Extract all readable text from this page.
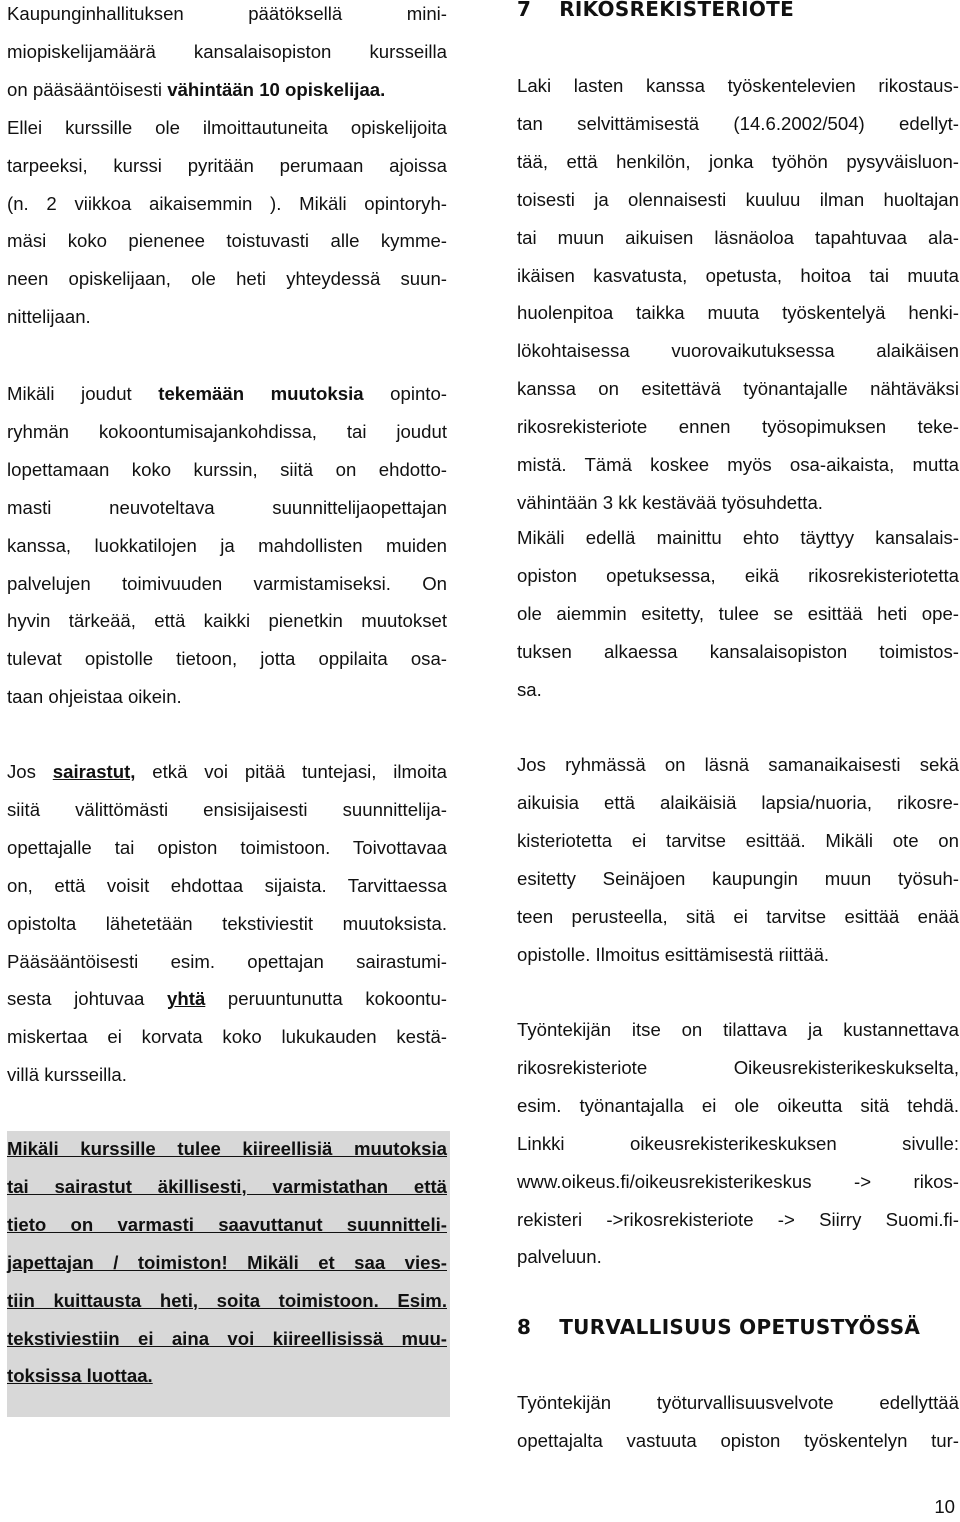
Kaupunginhallituksen päätöksellä mini-
miopiskelijamäärä kansalaisopiston kursseilla
on pääsääntöisesti vähintään 10 opiskelijaa.
Ellei kurssille ole ilmoittautuneita opiskelijoita
tarpeeksi, kurssi pyritään perumaan ajoissa
(n. 2 viikkoa aikaisemmin ). Mikäli opintoryh-
mäsi koko pienenee toistuvasti alle kymme-
neen opiskelijaan, ole heti yhteydessä suun-
nittelijaan.

Mikäli joudut tekemään muutoksia opinto-
ryhmän kokoontumisajankohdissa, tai joudut
lopettamaan koko kurssin, siitä on ehdotto-
masti neuvoteltava suunnittelijaopettajan
kanssa, luokkatilojen ja mahdollisten muiden
palvelujen toimivuuden varmistamiseksi. On
hyvin tärkeää, että kaikki pienetkin muutokset
tulevat opistolle tietoon, jotta oppilaita osa-
taan ohjeistaa oikein.

Jos sairastut, etkä voi pitää tuntejasi, ilmoita
siitä välittömästi ensisijaisesti suunnittelija-
opettajalle tai opiston toimistoon. Toivottavaa
on, että voisit ehdottaa sijaista. Tarvittaessa
opistolta lähetetään tekstiviestit muutoksista.
Pääsääntöisesti esim. opettajan sairastumi-
sesta johtuvaa yhtä peruuntunutta kokoontu-
miskertaa ei korvata koko lukukauden kestä-
villä kursseilla.

Mikäli kurssille tulee kiireellisiä muutoksia
tai sairastut äkillisesti, varmistathan että
tieto on varmasti saavuttanut suunnitteli-
japettajan / toimiston! Mikäli et saa vies-
tiin kuittausta heti, soita toimistoon. Esim.
tekstiviestiin ei aina voi kiireellisissä muu-
toksissa luottaa.

7 RIKOSREKISTERIOTE

Laki lasten kanssa työskentelevien rikostaus-
tan selvittämisestä (14.6.2002/504) edellyt-
tää, että henkilön, jonka työhön pysyväisluon-
toisesti ja olennaisesti kuuluu ilman huoltajan
tai muun aikuisen läsnäoloa tapahtuvaa ala-
ikäisen kasvatusta, opetusta, hoitoa tai muuta
huolenpitoa taikka muuta työskentelyä henki-
lökohtaisessa vuorovaikutuksessa alaikäisen
kanssa on esitettävä työnantajalle nähtäväksi
rikosrekisteriote ennen työsopimuksen teke-
mistä. Tämä koskee myös osa-aikaista, mutta
vähintään 3 kk kestävää työsuhdetta.

Mikäli edellä mainittu ehto täyttyy kansalais-
opiston opetuksessa, eikä rikosrekisteriotetta
ole aiemmin esitetty, tulee se esittää heti ope-
tuksen alkaessa kansalaisopiston toimistos-
sa.

Jos ryhmässä on läsnä samanaikaisesti sekä
aikuisia että alaikäisiä lapsia/nuoria, rikosre-
kisteriotetta ei tarvitse esittää. Mikäli ote on
esitetty Seinäjoen kaupungin muun työsuh-
teen perusteella, sitä ei tarvitse esittää enää
opistolle. Ilmoitus esittämisestä riittää.

Työntekijän itse on tilattava ja kustannettava
rikosrekisteriote Oikeusrekisterikeskukselta,
esim. työnantajalla ei ole oikeutta sitä tehdä.
Linkki oikeusrekisterikeskuksen sivulle:
www.oikeus.fi/oikeusrekisterikeskus -> rikos-
rekisteri ->rikosrekisteriote -> Siirry Suomi.fi-
palveluun.

8 TURVALLISUUS OPETUSTYÖSSÄ

Työntekijän työturvallisuusvelvote edellyttää
opettajalta vastuuta opiston työskentelyn tur-

10
